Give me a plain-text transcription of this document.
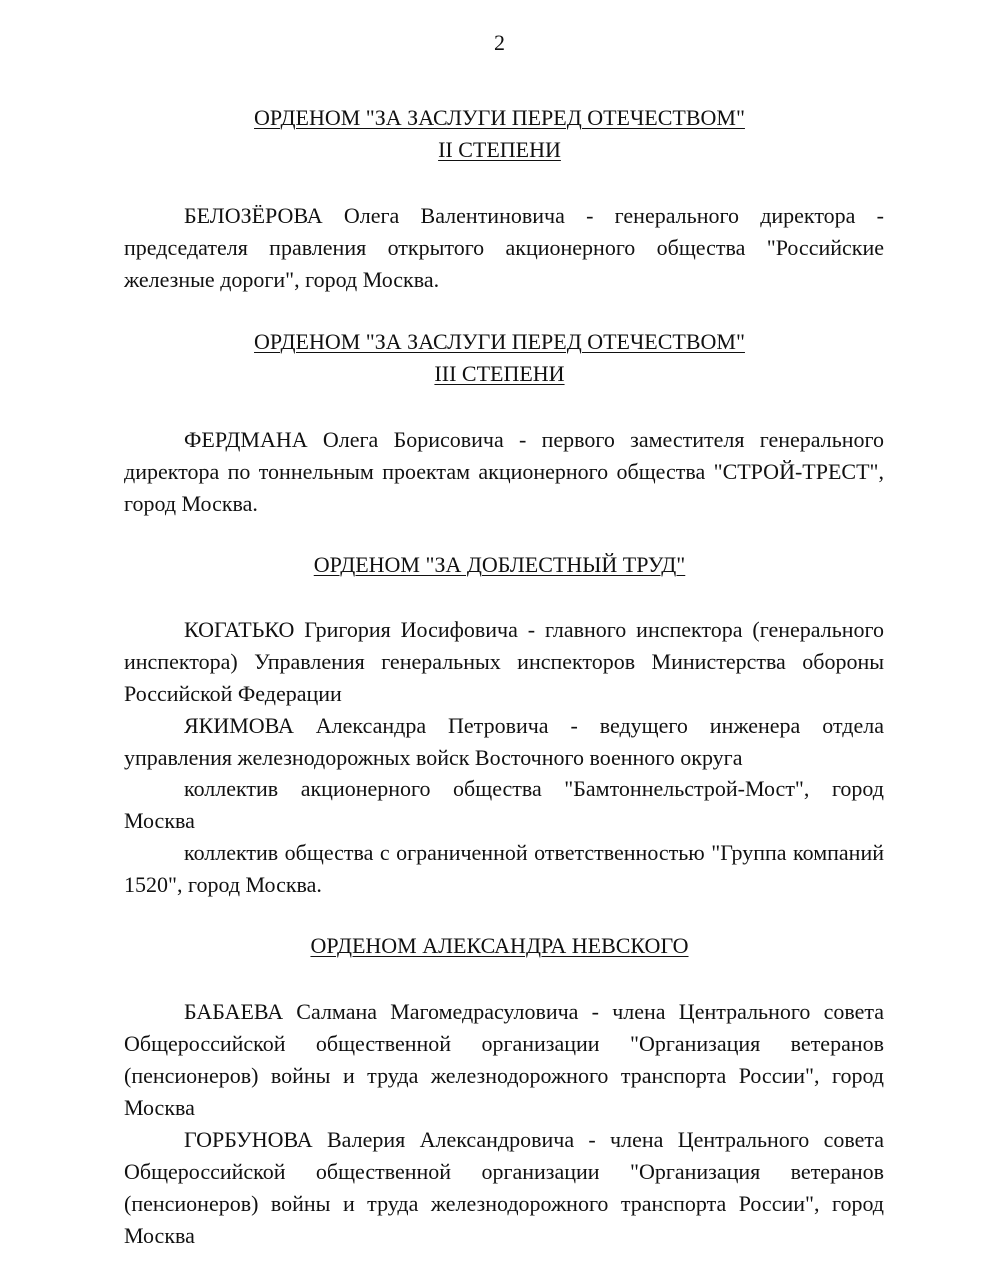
2
ОРДЕНОМ "ЗА ЗАСЛУГИ ПЕРЕД ОТЕЧЕСТВОМ"
II СТЕПЕНИ

БЕЛОЗЁРОВА Олега Валентиновича - генерального директора - председателя правления открытого акционерного общества "Российские железные дороги", город Москва.

ОРДЕНОМ "ЗА ЗАСЛУГИ ПЕРЕД ОТЕЧЕСТВОМ"
III СТЕПЕНИ

ФЕРДМАНА Олега Борисовича - первого заместителя генерального директора по тоннельным проектам акционерного общества "СТРОЙ-ТРЕСТ", город Москва.

ОРДЕНОМ "ЗА ДОБЛЕСТНЫЙ ТРУД"

КОГАТЬКО Григория Иосифовича - главного инспектора (генерального инспектора) Управления генеральных инспекторов Министерства обороны Российской Федерации

ЯКИМОВА Александра Петровича - ведущего инженера отдела управления железнодорожных войск Восточного военного округа

коллектив акционерного общества "Бамтоннельстрой-Мост", город Москва

коллектив общества с ограниченной ответственностью "Группа компаний 1520", город Москва.

ОРДЕНОМ АЛЕКСАНДРА НЕВСКОГО

БАБАЕВА Салмана Магомедрасуловича - члена Центрального совета Общероссийской общественной организации "Организация ветеранов (пенсионеров) войны и труда железнодорожного транспорта России", город Москва

ГОРБУНОВА Валерия Александровича - члена Центрального совета Общероссийской общественной организации "Организация ветеранов (пенсионеров) войны и труда железнодорожного транспорта России", город Москва
